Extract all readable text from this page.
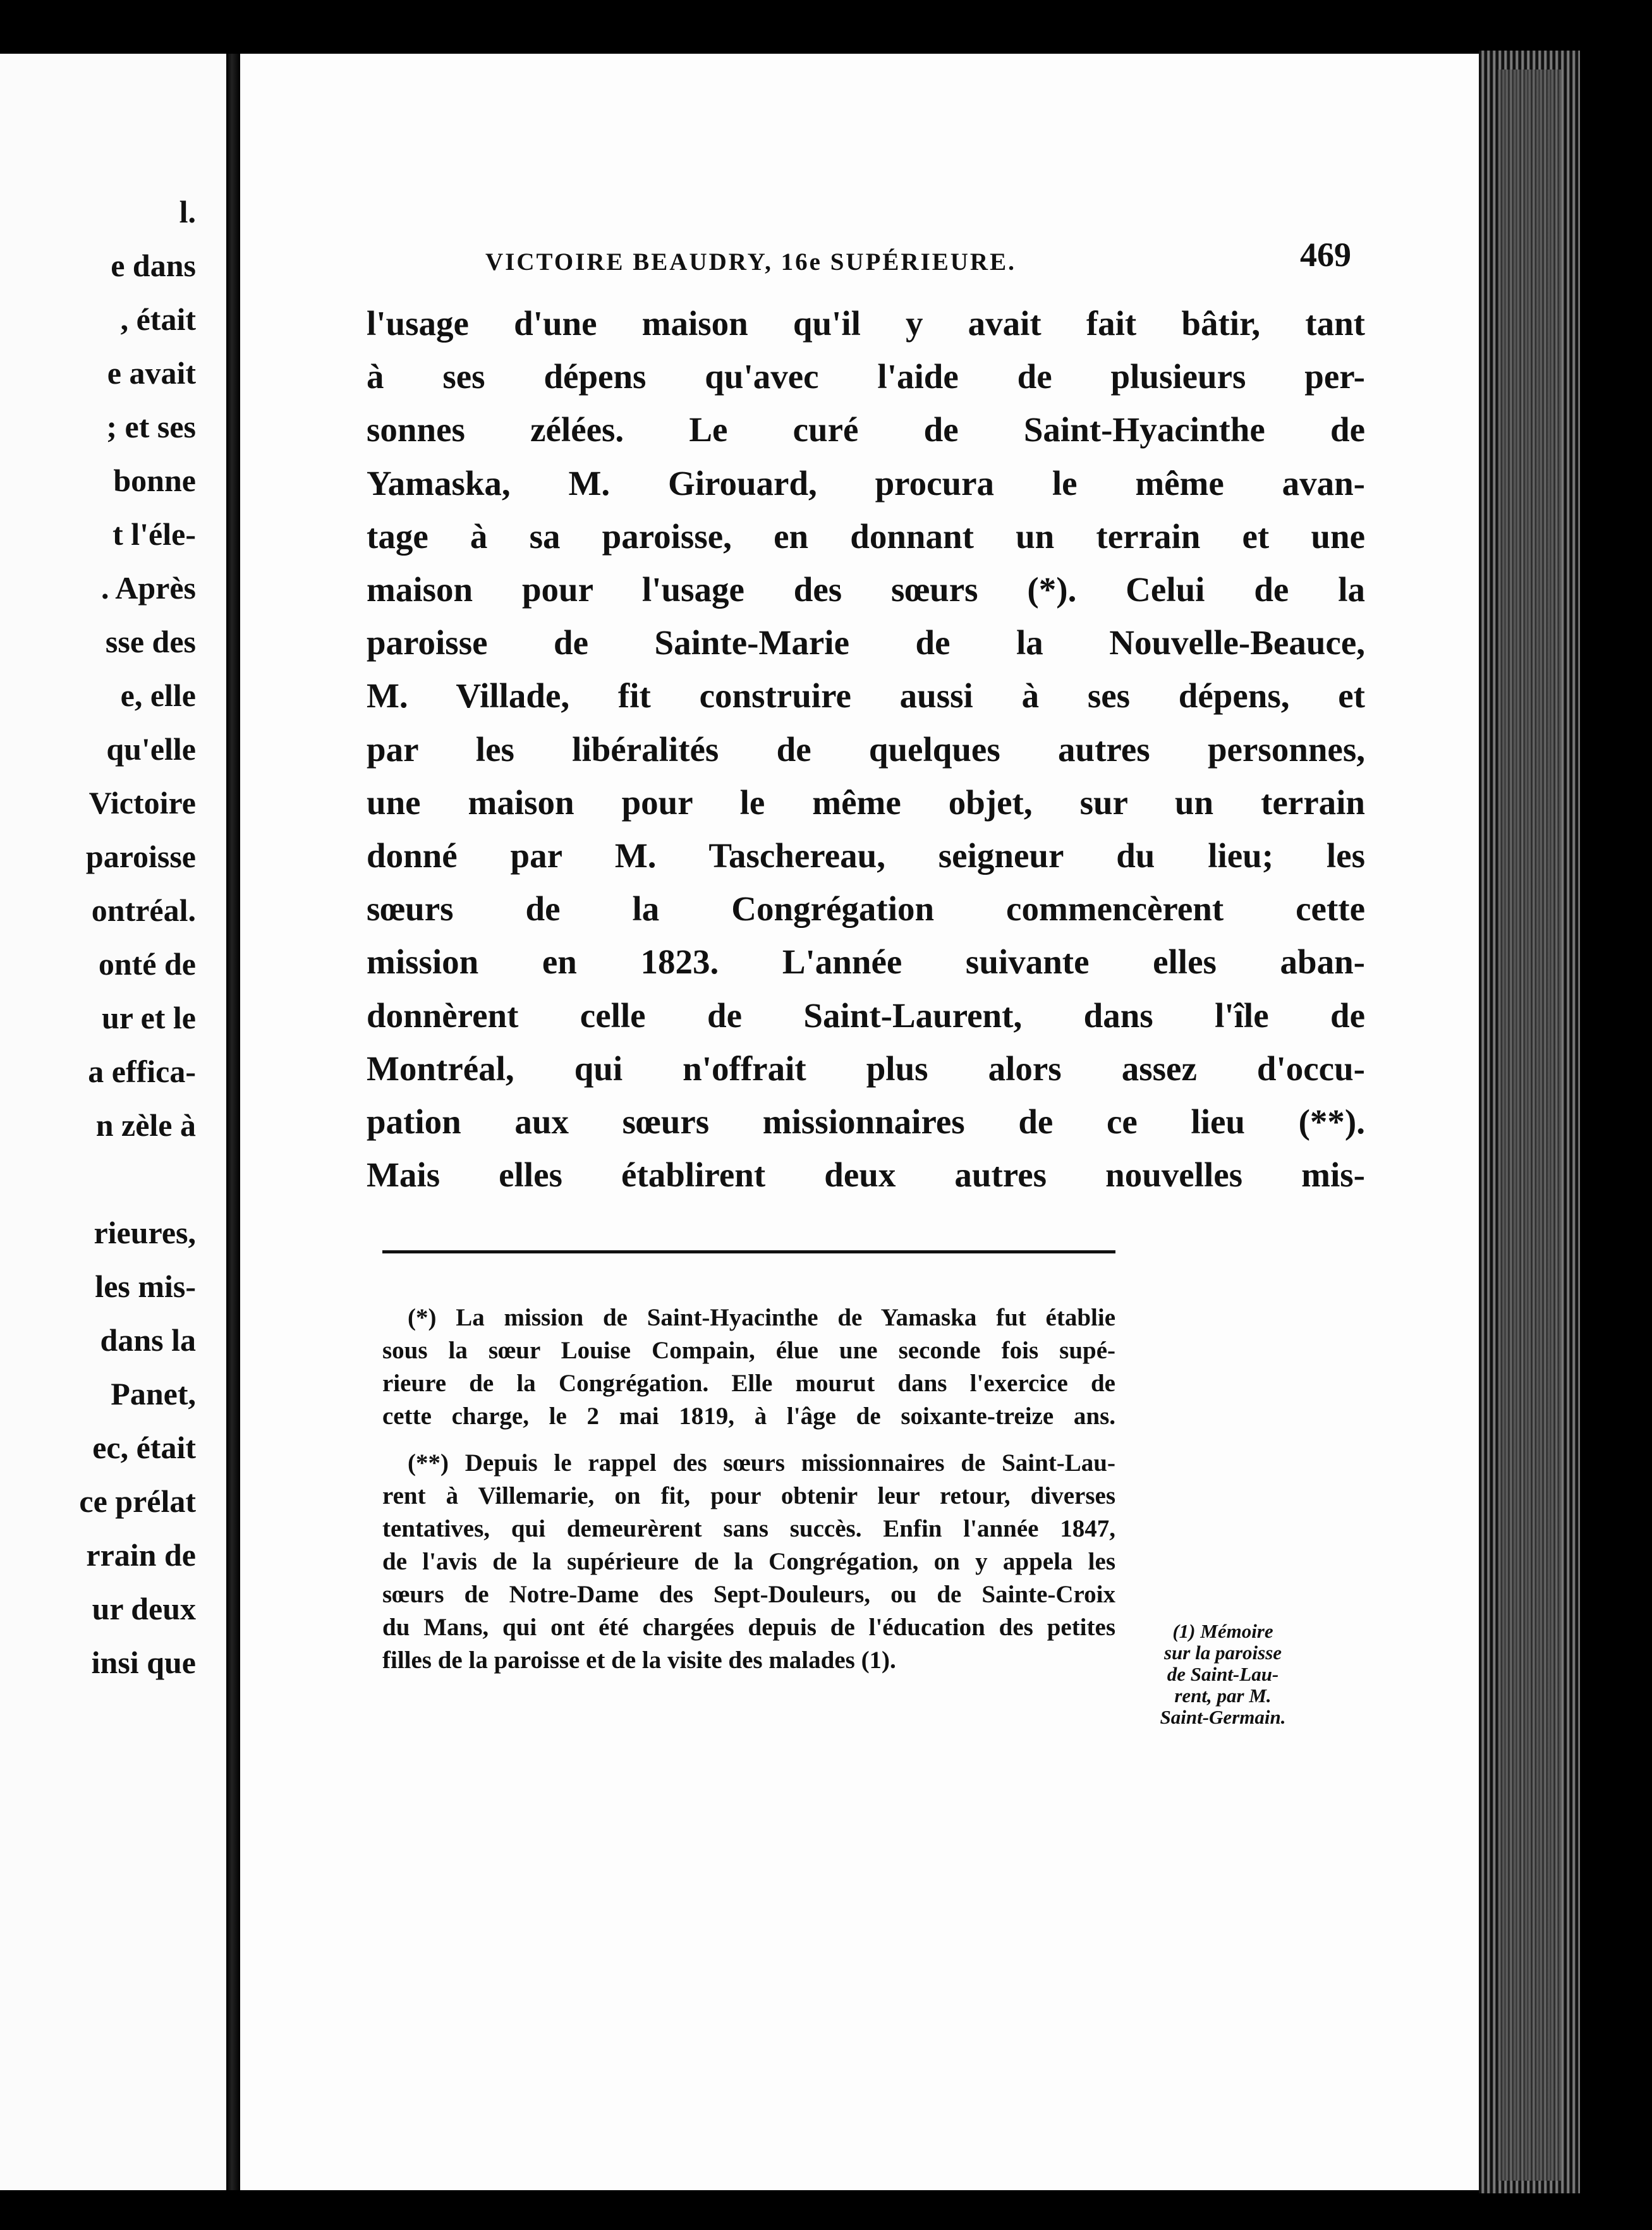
l.
e dans
, était
e avait
; et ses
bonne
t l'éle-
. Après
sse des
e, elle
qu'elle
Victoire
paroisse
ontréal.
onté de
ur et le
a effica-
n zèle à
rieures,
les mis-
dans la
Panet,
ec, était
ce prélat
rrain de
ur deux
insi que
VICTOIRE BEAUDRY, 16e SUPÉRIEURE.	469
l'usage d'une maison qu'il y avait fait bâtir, tant
à ses dépens qu'avec l'aide de plusieurs per-
sonnes zélées. Le curé de Saint-Hyacinthe de
Yamaska, M. Girouard, procura le même avan-
tage à sa paroisse, en donnant un terrain et une
maison pour l'usage des sœurs (*). Celui de la
paroisse de Sainte-Marie de la Nouvelle-Beauce,
M. Villade, fit construire aussi à ses dépens, et
par les libéralités de quelques autres personnes,
une maison pour le même objet, sur un terrain
donné par M. Taschereau, seigneur du lieu; les
sœurs de la Congrégation commencèrent cette
mission en 1823. L'année suivante elles aban-
donnèrent celle de Saint-Laurent, dans l'île de
Montréal, qui n'offrait plus alors assez d'occu-
pation aux sœurs missionnaires de ce lieu (**).
Mais elles établirent deux autres nouvelles mis-
(*) La mission de Saint-Hyacinthe de Yamaska fut établie
sous la sœur Louise Compain, élue une seconde fois supé-
rieure de la Congrégation. Elle mourut dans l'exercice de
cette charge, le 2 mai 1819, à l'âge de soixante-treize ans.
(**) Depuis le rappel des sœurs missionnaires de Saint-Lau-
rent à Villemarie, on fit, pour obtenir leur retour, diverses
tentatives, qui demeurèrent sans succès. Enfin l'année 1847,
de l'avis de la supérieure de la Congrégation, on y appela les
sœurs de Notre-Dame des Sept-Douleurs, ou de Sainte-Croix
du Mans, qui ont été chargées depuis de l'éducation des petites
filles de la paroisse et de la visite des malades (1).
(1) Mémoire
sur la paroisse
de Saint-Lau-
rent, par M.
Saint-Germain.
